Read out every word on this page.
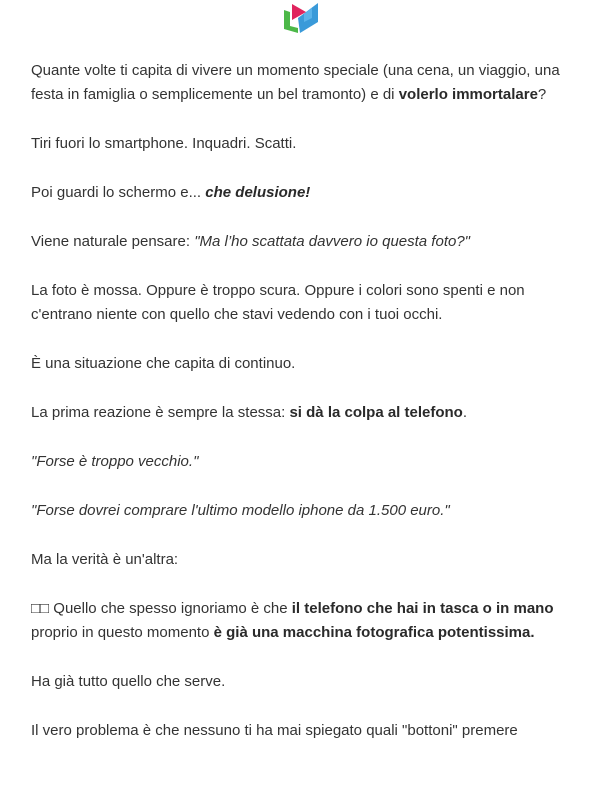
Quante volte ti capita di vivere un momento speciale (una cena, un viaggio, una festa in famiglia o semplicemente un bel tramonto) e di volerlo immortalare?

Tiri fuori lo smartphone. Inquadri. Scatti.

Poi guardi lo schermo e... che delusione!

Viene naturale pensare: "Ma l’ho scattata davvero io questa foto?"

La foto è mossa. Oppure è troppo scura. Oppure i colori sono spenti e non c'entrano niente con quello che stavi vedendo con i tuoi occhi.

È una situazione che capita di continuo.

La prima reazione è sempre la stessa: si dà la colpa al telefono.

"Forse è troppo vecchio."

"Forse dovrei comprare l'ultimo modello iphone da 1.500 euro."

Ma la verità è un'altra:

□□ Quello che spesso ignoriamo è che il telefono che hai in tasca o in mano proprio in questo momento è già una macchina fotografica potentissima.

Ha già tutto quello che serve.

Il vero problema è che nessuno ti ha mai spiegato quali "bottoni" premere
